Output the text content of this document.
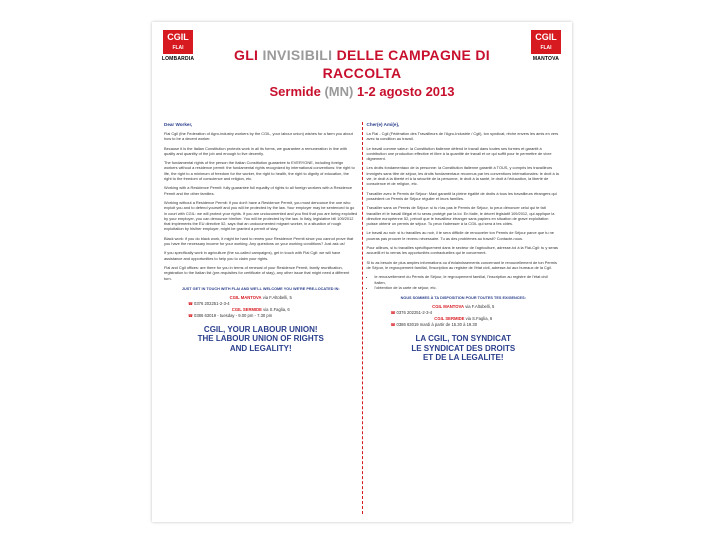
CGIL
FLAI
LOMBARDIA
CGIL
FLAI
MANTOVA
GLI INVISIBILI DELLE CAMPAGNE DI
RACCOLTA
Sermide (MN) 1-2 agosto 2013
Dear Worker,

Flai Cgil (the Federation of Agro-industry workers by the CGIL, your labour union) wishes for a farm you about how to be a decent worker.

Because it is the Italian Constitution protects work in all its forms, we guarantee a remuneration in line with quality and quantity of the job and enough to live decently.

The fundamental rights of the person the Italian Constitution guarantee to EVERYONE, including foreign workers without a residence permit: the fundamental rights recognized by international conventions: the right to life, the right to a minimum of freedom for the worker, the right to health, the right to dignity of education, the right to the freedom of conscience and religion, etc.

Working with a Residence Permit: fully guarantee full equality of rights to all foreign workers with a Residence Permit and the other families.

Working without a Residence Permit: if you don't have a Residence Permit, you must denounce the one who exploit you and to defend yourself and you will be protected by the law. Your employer may be sentenced to go in court with CGIL: we will protect your rights. If you are undocumented and you find that you are being exploited by your employer, you can denounce him/her. You will be protected by the law. In Italy, legislative bill 109/2012 that implements the EU directive 52, says that an undocumented migrant worker, in a situation of rough exploitation by his/her employer, might be granted a permit of stay.

Black work: if you do black work, it might be hard to renew your Residence Permit since you cannot prove that you have the necessary income for your working. Any questions on your working conditions? Just ask us!

If you specifically work in agriculture (the so-called campaigns), get in touch with Flai Cgil: we will have assistance and opportunities to help you to claim your rights.

Flai and Cgil offices: are there for you in terms of renewal of your Residence Permit, family reunification, registration to the Italian list (pre-requisites for certificate of stay), any other issue that might need a different turn.

JUST GET IN TOUCH WITH FLAI AND WE'LL WELCOME YOU WE'RE PRE-LOCATED IN:
CGIL MANTOVA via F.Altobelli, 5
☎0376 202251-2-3-4
CGIL SERMIDE via S.Faglia, 6
☎0386 63019 - tuesday - 9.00 pm - 7.30 pm
CGIL, YOUR LABOUR UNION!
THE LABOUR UNION OF RIGHTS
AND LEGALITY!
Cher(e) Ami(e),

La Flai - Cgil (Fédération des Travailleurs de l'Agro-Industrie / Cgil), ton syndicat, rêche envers les amis en vers avec ta condition au travail.

Le travail comme valeur: la Constitution italienne défend le travail dans toutes ses formes et garantit à contribution une production effective et libre à la quantité de travail et ce qui suffit pour te permettre de vivre dignement.

Les droits fondamentaux de la personne: la Constitution italienne garantit à TOUS, y compris les travailleurs immigrés sans titre de séjour, les droits fondamentaux reconnus par les conventions internationales: le droit à la vie, le droit à la liberté et à la sécurité de la personne, le droit à la santé, le droit à l'éducation, la liberté de conscience et de religion, etc.

Travailler avec le Permis de Séjour: Maxi garantit la pleine égalité de droits à tous les travailleurs étrangers qui possèdent un Permis de Séjour régulier et leurs familles.

Travailler sans un Permis de Séjour: si tu n'as pas le Permis de Séjour, tu peux dénoncer celui qui te fait travailler et le travail illégal et tu seras protégé par la loi. En Italie, le décret législatif 109/2012, qui applique la directive européenne 52, prévoit que le travailleur étranger sans papiers en situation de grave exploitation puisse obtenir un permis de séjour. Tu peux t'adresser à la CGIL qui sera à tes côtés.

Le travail au noir: si tu travailles au noir, il te sera difficile de renouveler ton Permis de Séjour parce que tu ne pourras pas prouver le revenu nécessaire. Tu as des problèmes au travail? Contacte-nous.

Pour ailleurs, si tu travailles spécifiquement dans le secteur de l'agriculture, adresse-toi à la Flai-Cgil: tu y seras accueilli et tu verras les opportunités contractuelles qui te concernent.

Si tu as besoin de plus amples informations ou d'éclaircissements concernant le renouvellement de ton Permis de Séjour, le regroupement familial, l'inscription au registre de l'état civil, adresse-toi aux bureaux de la Cgil.

• le renouvellement du Permis de Séjour, le regroupement familial, l'inscription au registre de l'état civil italien,
• l'obtention de la carte de séjour, etc.
NOUS SOMMES À TA DISPOSITION POUR TOUTES TES EXIGENCES:
CGIL MANTOVA via F.Altobelli, 5
☎0376 202251-2-3-4
CGIL SERMIDE via S.Faglia, 6
☎0386 63019 mardi à partir de 15.30 à 19.30
LA CGIL, TON SYNDICAT
LE SYNDICAT DES DROITS
ET DE LA LEGALITE!
